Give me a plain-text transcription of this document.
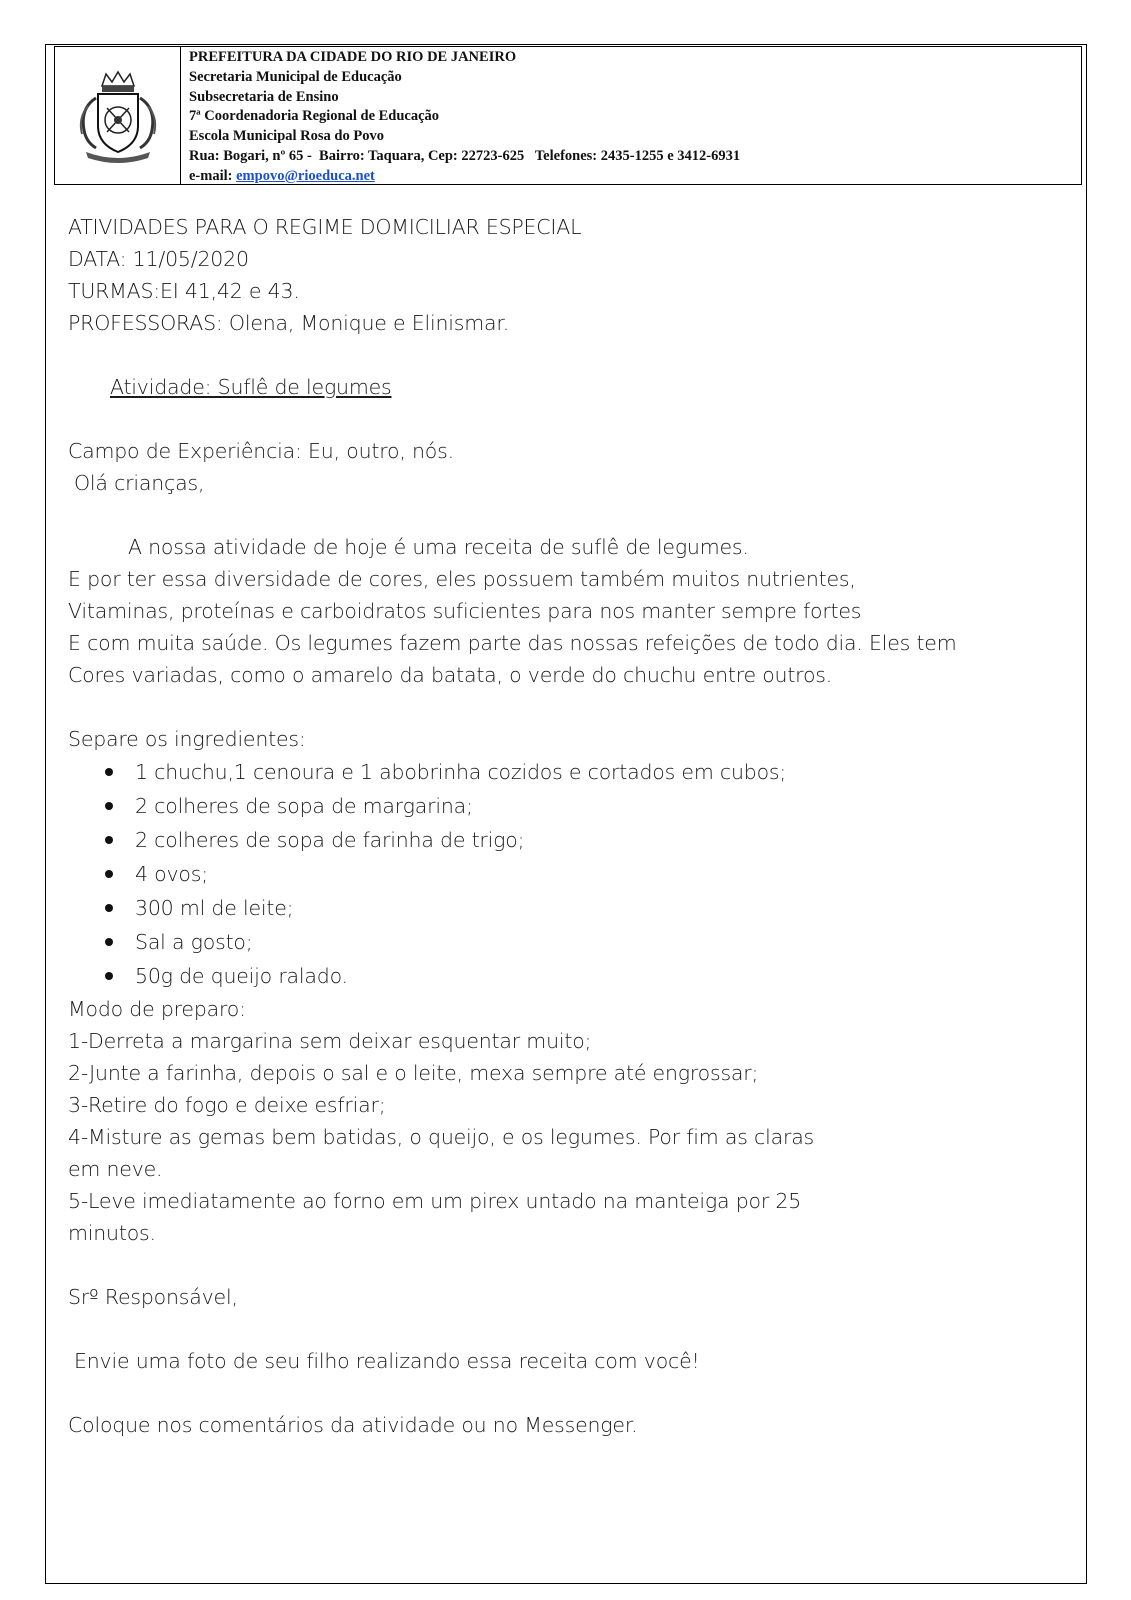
PREFEITURA DA CIDADE DO RIO DE JANEIRO
Secretaria Municipal de Educação
Subsecretaria de Ensino
7ª Coordenadoria Regional de Educação
Escola Municipal Rosa do Povo
Rua: Bogari, nº 65 -  Bairro: Taquara, Cep: 22723-625   Telefones: 2435-1255 e 3412-6931
e-mail: empovo@rioeduca.net

ATIVIDADES PARA O REGIME DOMICILIAR ESPECIAL

DATA: 11/05/2020

TURMAS:EI 41,42 e 43.

PROFESSORAS: Olena, Monique e Elinismar.

Atividade: Suflê de legumes

Campo de Experiência: Eu, outro, nós.

Olá crianças,

A nossa atividade de hoje é uma receita de suflê de legumes.

E por ter essa diversidade de cores, eles possuem também muitos nutrientes,

Vitaminas, proteínas e carboidratos suficientes para nos manter sempre fortes

E com muita saúde. Os legumes fazem parte das nossas refeições de todo dia. Eles tem

Cores variadas, como o amarelo da batata, o verde do chuchu entre outros.

Separe os ingredientes:

1 chuchu,1 cenoura e 1 abobrinha cozidos e cortados em cubos;
2 colheres de sopa de margarina;
2 colheres de sopa de farinha de trigo;
4 ovos;
300 ml de leite;
Sal a gosto;
50g de queijo ralado.

Modo de preparo:

1-Derreta a margarina sem deixar esquentar muito;

2-Junte a farinha, depois o sal e o leite, mexa sempre até engrossar;

3-Retire do fogo e deixe esfriar;

4-Misture as gemas bem batidas, o queijo, e os legumes. Por fim as claras

em neve.

5-Leve imediatamente ao forno em um pirex untado na manteiga por 25

minutos.

Srº Responsável,

Envie uma foto de seu filho realizando essa receita com você!

Coloque nos comentários da atividade ou no Messenger.
